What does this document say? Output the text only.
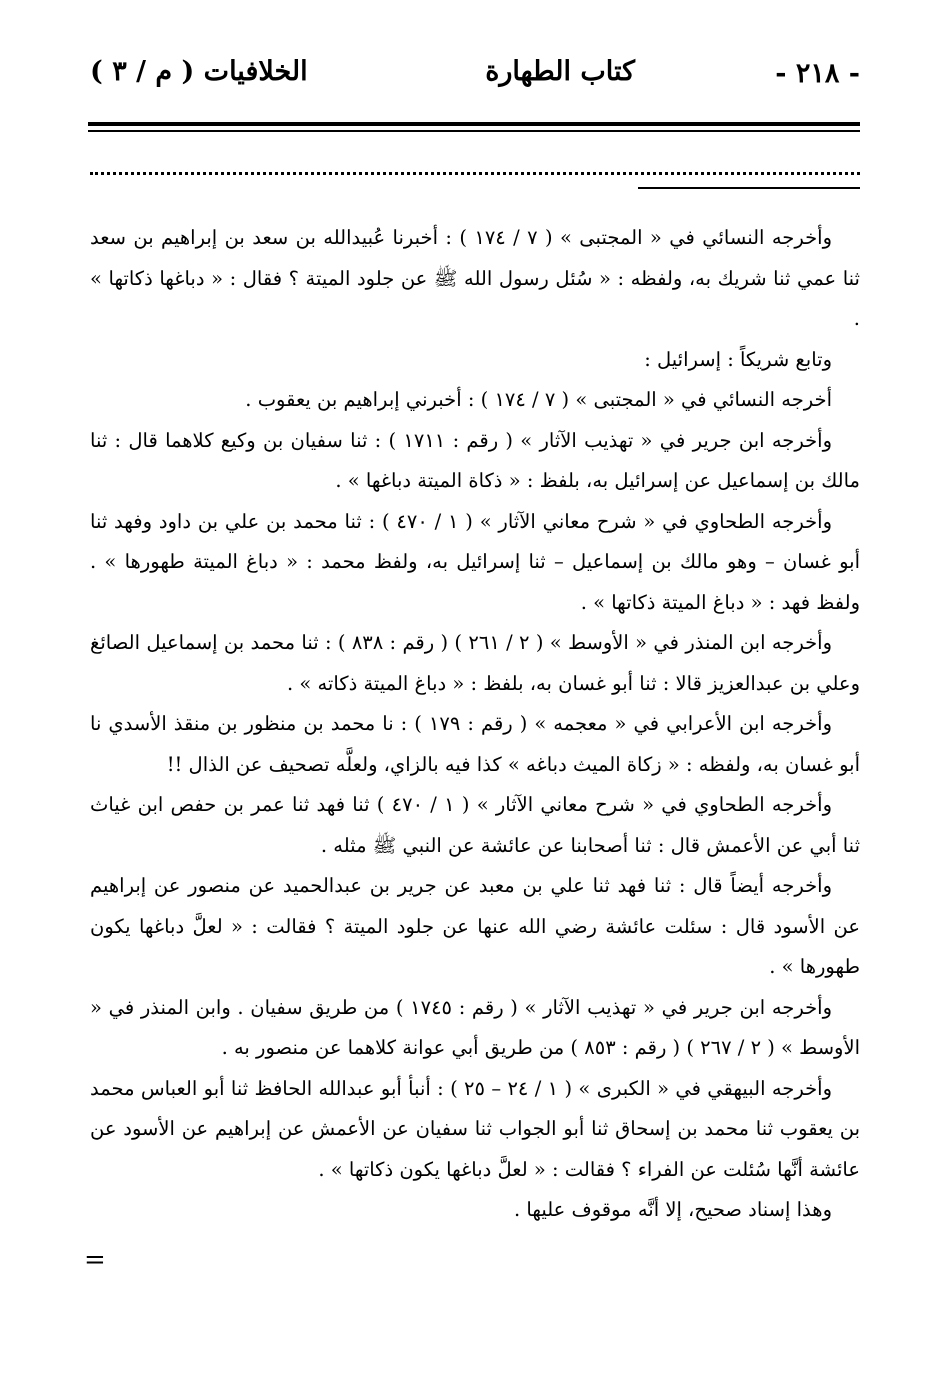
- ٢١٨ -
كتاب الطهارة
الخلافيات ( م / ٣ )

وأخرجه النسائي في « المجتبى » ( ٧ / ١٧٤ ) : أخبرنا عُبيدالله بن سعد بن إبراهيم بن سعد ثنا عمي ثنا شريك به، ولفظه : « سُئل رسول الله ﷺ عن جلود الميتة ؟ فقال : « دباغها ذكاتها » .

وتابع شريكاً : إسرائيل :

أخرجه النسائي في « المجتبى » ( ٧ / ١٧٤ ) : أخبرني إبراهيم بن يعقوب .

وأخرجه ابن جرير في « تهذيب الآثار » ( رقم : ١٧١١ ) : ثنا سفيان بن وكيع كلاهما قال : ثنا مالك بن إسماعيل عن إسرائيل به، بلفظ : « ذكاة الميتة دباغها » .

وأخرجه الطحاوي في « شرح معاني الآثار » ( ١ / ٤٧٠ ) : ثنا محمد بن علي بن داود وفهد ثنا أبو غسان – وهو مالك بن إسماعيل – ثنا إسرائيل به، ولفظ محمد : « دباغ الميتة طهورها » . ولفظ فهد : « دباغ الميتة ذكاتها » .

وأخرجه ابن المنذر في « الأوسط » ( ٢ / ٢٦١ ) ( رقم : ٨٣٨ ) : ثنا محمد بن إسماعيل الصائغ وعلي بن عبدالعزيز قالا : ثنا أبو غسان به، بلفظ : « دباغ الميتة ذكاته » .

وأخرجه ابن الأعرابي في « معجمه » ( رقم : ١٧٩ ) : نا محمد بن منظور بن منقذ الأسدي نا أبو غسان به، ولفظه : « زكاة الميث دباغه » كذا فيه بالزاي، ولعلَّه تصحيف عن الذال !!

وأخرجه الطحاوي في « شرح معاني الآثار » ( ١ / ٤٧٠ ) ثنا فهد ثنا عمر بن حفص ابن غياث ثنا أبي عن الأعمش قال : ثنا أصحابنا عن عائشة عن النبي ﷺ مثله .

وأخرجه أيضاً قال : ثنا فهد ثنا علي بن معبد عن جرير بن عبدالحميد عن منصور عن إبراهيم عن الأسود قال : سئلت عائشة رضي الله عنها عن جلود الميتة ؟ فقالت : « لعلَّ دباغها يكون طهورها » .

وأخرجه ابن جرير في « تهذيب الآثار » ( رقم : ١٧٤٥ ) من طريق سفيان . وابن المنذر في « الأوسط » ( ٢ / ٢٦٧ ) ( رقم : ٨٥٣ ) من طريق أبي عوانة كلاهما عن منصور به .

وأخرجه البيهقي في « الكبرى » ( ١ / ٢٤ – ٢٥ ) : أنبأ أبو عبدالله الحافظ ثنا أبو العباس محمد بن يعقوب ثنا محمد بن إسحاق ثنا أبو الجواب ثنا سفيان عن الأعمش عن إبراهيم عن الأسود عن عائشة أنَّها سُئلت عن الفراء ؟ فقالت : « لعلَّ دباغها يكون ذكاتها » .

وهذا إسناد صحيح، إلا أنَّه موقوف عليها .

=
